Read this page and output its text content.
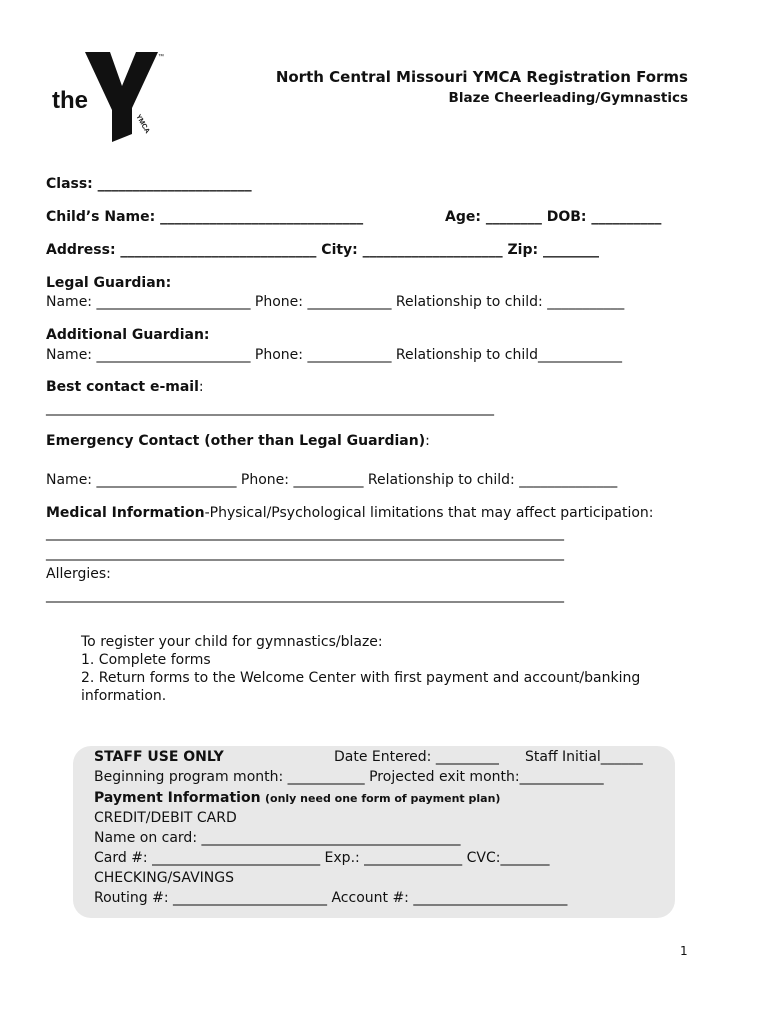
the
YMCA
™
North Central Missouri YMCA Registration Forms
Blaze Cheerleading/Gymnastics
Class: ______________________
Child’s Name: _____________________________	Age: ________ DOB: __________
Address: ____________________________ City: ____________________ Zip: ________
Legal Guardian:
Name: ______________________ Phone: ____________ Relationship to child: ___________
Additional Guardian:
Name: ______________________ Phone: ____________ Relationship to child____________
Best contact e-mail:
________________________________________________________________
Emergency Contact (other than Legal Guardian):
Name: ____________________ Phone: __________ Relationship to child: ______________
Medical Information-Physical/Psychological limitations that may affect participation:
__________________________________________________________________________
__________________________________________________________________________
Allergies:
__________________________________________________________________________
To register your child for gymnastics/blaze:
1. Complete forms
2. Return forms to the Welcome Center with first payment and account/banking
information.
STAFF USE ONLY	Date Entered: _________ Staff Initial______
Beginning program month: ___________ Projected exit month:____________
Payment Information (only need one form of payment plan)
CREDIT/DEBIT CARD
Name on card: _____________________________________
Card #: ________________________ Exp.: ______________ CVC:_______
CHECKING/SAVINGS
Routing #: ______________________ Account #: ______________________
1
